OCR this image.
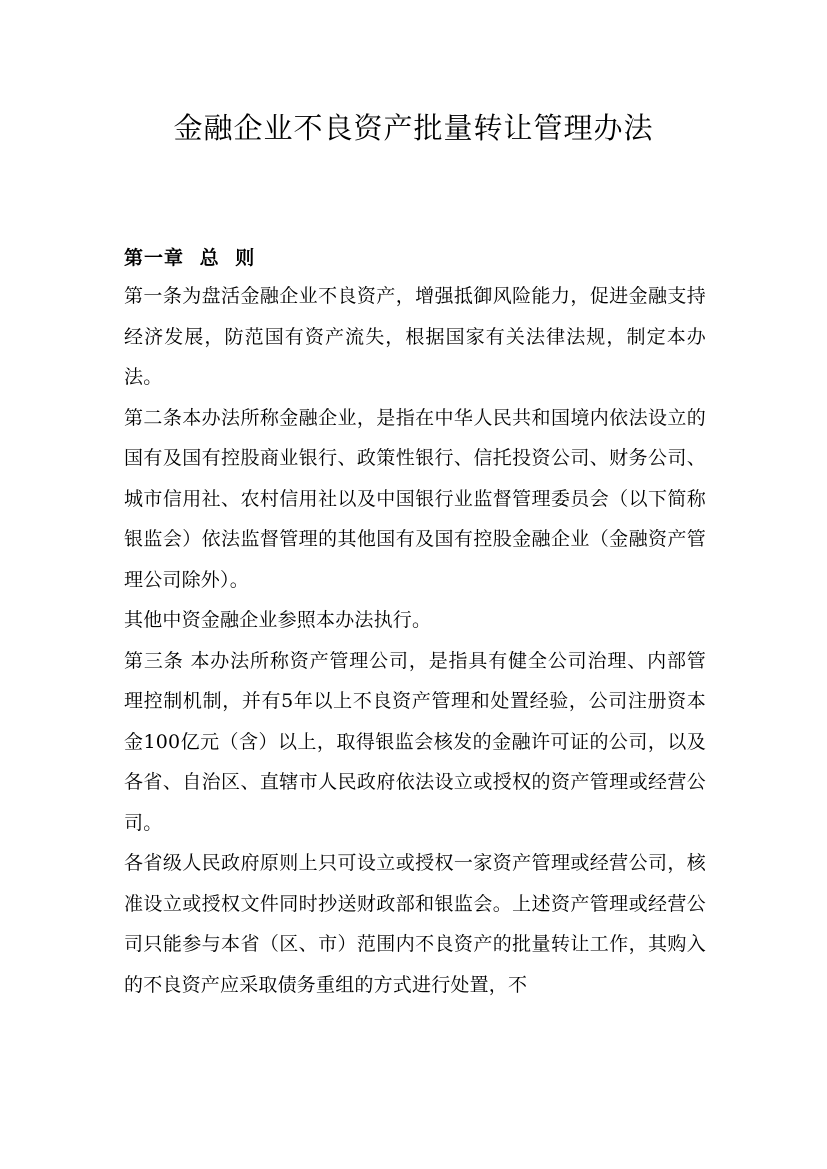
金融企业不良资产批量转让管理办法
第一章 总 则

第一条为盘活金融企业不良资产，增强抵御风险能力，促进金融支持经济发展，防范国有资产流失，根据国家有关法律法规，制定本办法。

第二条本办法所称金融企业，是指在中华人民共和国境内依法设立的国有及国有控股商业银行、政策性银行、信托投资公司、财务公司、城市信用社、农村信用社以及中国银行业监督管理委员会（以下简称银监会）依法监督管理的其他国有及国有控股金融企业（金融资产管理公司除外）。

其他中资金融企业参照本办法执行。

第三条 本办法所称资产管理公司，是指具有健全公司治理、内部管理控制机制，并有5年以上不良资产管理和处置经验，公司注册资本金100亿元（含）以上，取得银监会核发的金融许可证的公司，以及各省、自治区、直辖市人民政府依法设立或授权的资产管理或经营公司。

各省级人民政府原则上只可设立或授权一家资产管理或经营公司，核准设立或授权文件同时抄送财政部和银监会。上述资产管理或经营公司只能参与本省（区、市）范围内不良资产的批量转让工作，其购入的不良资产应采取债务重组的方式进行处置，不
